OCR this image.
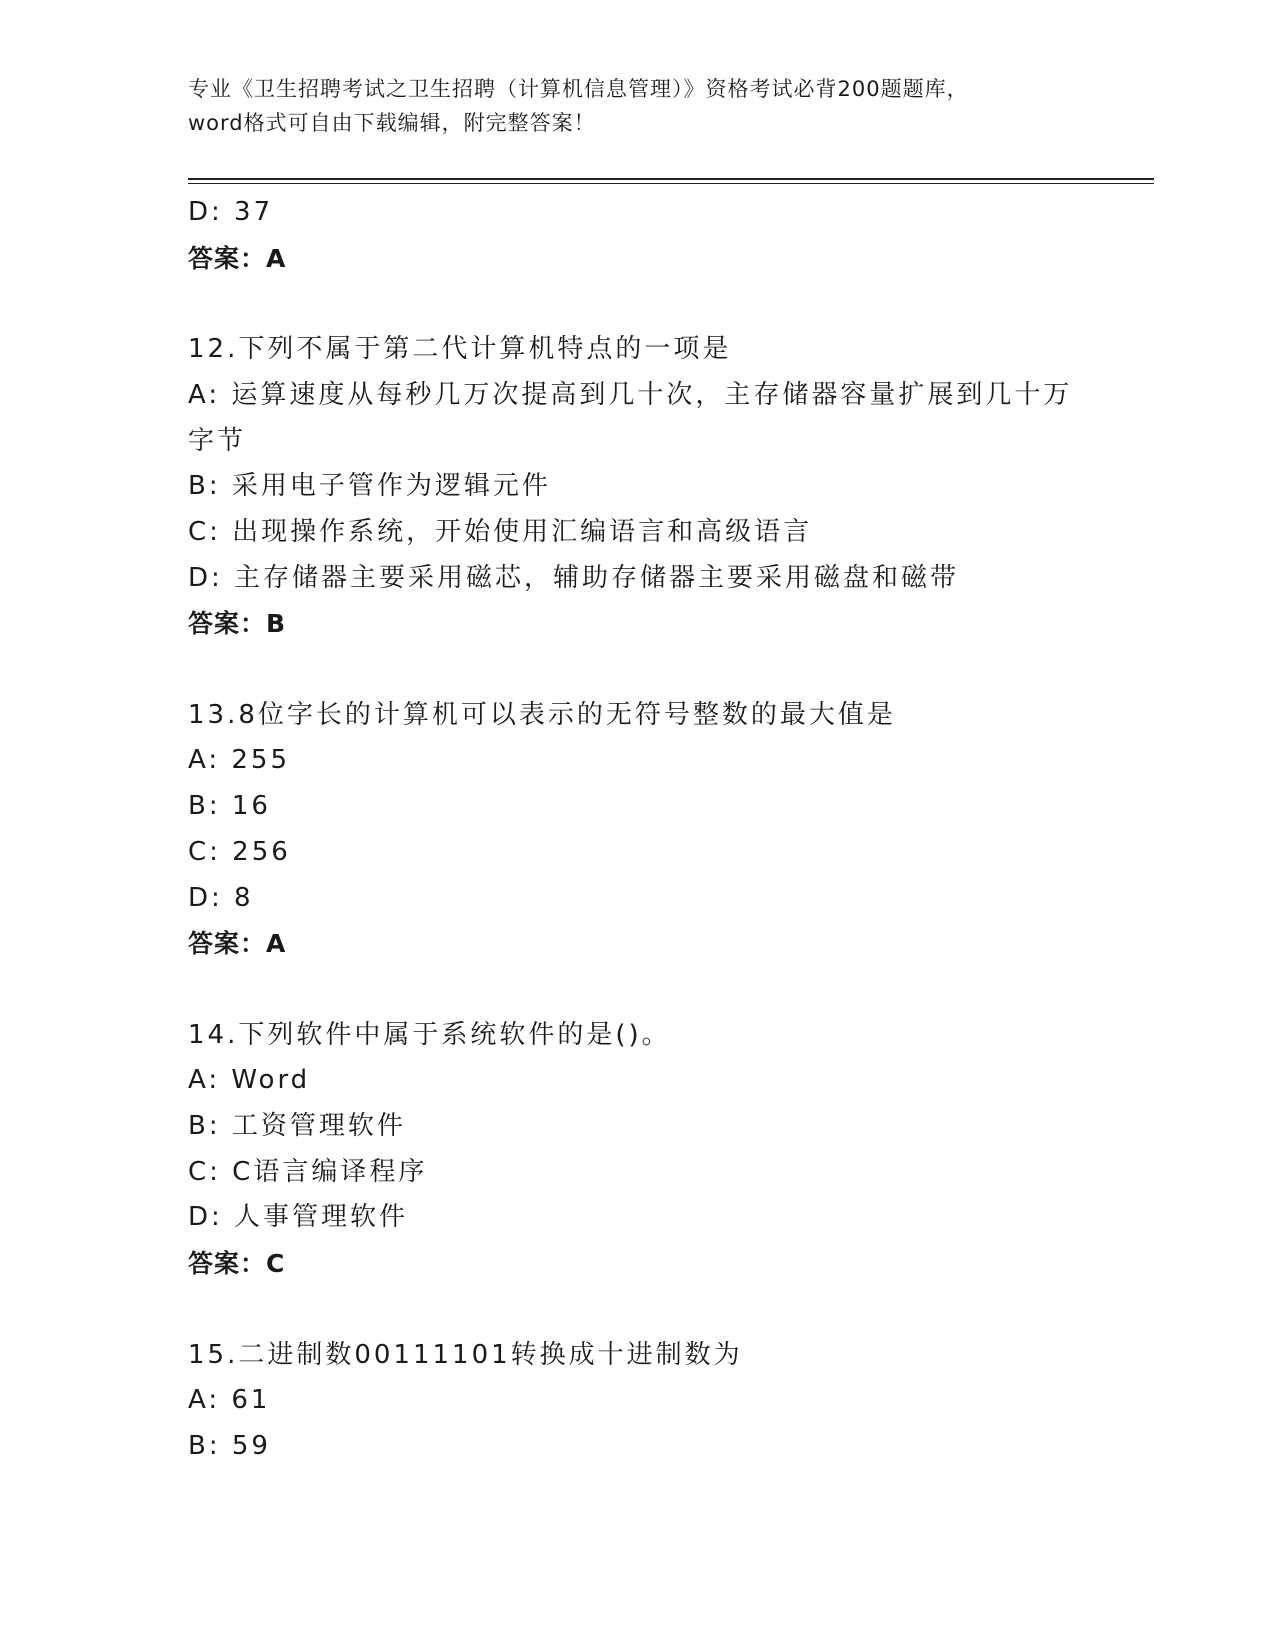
专业《卫生招聘考试之卫生招聘（计算机信息管理）》资格考试必背200题题库，
word格式可自由下载编辑，附完整答案！
D: 37
答案：A
12.下列不属于第二代计算机特点的一项是
A: 运算速度从每秒几万次提高到几十次，主存储器容量扩展到几十万
字节
B: 采用电子管作为逻辑元件
C: 出现操作系统，开始使用汇编语言和高级语言
D: 主存储器主要采用磁芯，辅助存储器主要采用磁盘和磁带
答案：B
13.8位字长的计算机可以表示的无符号整数的最大值是
A: 255
B: 16
C: 256
D: 8
答案：A
14.下列软件中属于系统软件的是()。
A: Word
B: 工资管理软件
C: C语言编译程序
D: 人事管理软件
答案：C
15.二进制数00111101转换成十进制数为
A: 61
B: 59
